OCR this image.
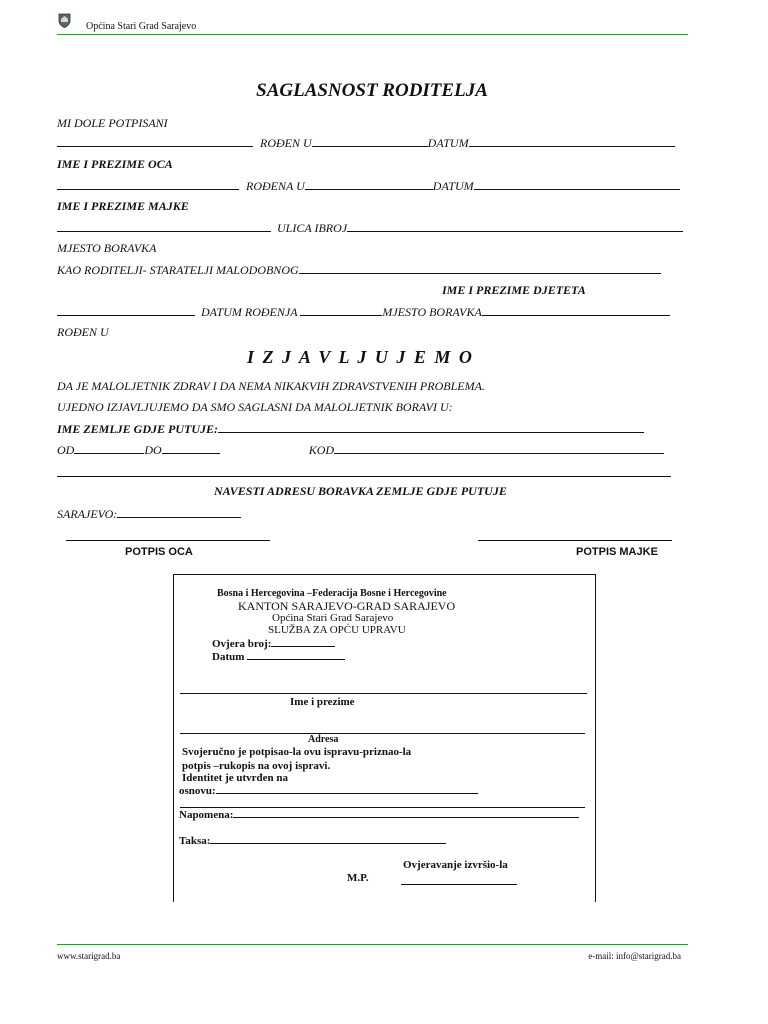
Općina Stari Grad Sarajevo
SAGLASNOST RODITELJA
MI DOLE POTPISANI
ROĐEN U	DATUM
IME I PREZIME OCA
ROĐENA U	DATUM
IME I PREZIME MAJKE
ULICA IBROJ
MJESTO BORAVKA
KAO RODITELJI- STARATELJI MALODOBNOG
IME I PREZIME DJETETA
DATUM ROĐENJA	MJESTO BORAVKA
ROĐEN U
I Z J A V L J U J E M O
DA JE MALOLJETNIK ZDRAV I DA NEMA NIKAKVIH ZDRAVSTVENIH PROBLEMA.
UJEDNO IZJAVLJUJEMO DA SMO SAGLASNI DA MALOLJETNIK BORAVI U:
IME ZEMLJE GDJE PUTUJE:
OD	DO	KOD
NAVESTI ADRESU BORAVKA ZEMLJE GDJE PUTUJE
SARAJEVO:
POTPIS OCA	POTPIS MAJKE
Bosna i Hercegovina –Federacija Bosne i Hercegovine
KANTON SARAJEVO-GRAD SARAJEVO
Općina Stari Grad Sarajevo
SLUŽBA ZA OPĆU UPRAVU
Ovjera broj:
Datum
Ime i prezime
Adresa
Svojeručno je potpisao-la ovu ispravu-priznao-la
potpis –rukopis na ovoj ispravi.
Identitet je utvrđen na
osnovu:
Napomena:
Taksa:
Ovjeravanje izvršio-la
M.P.
www.starigrad.ba	e-mail: info@starigrad.ba
